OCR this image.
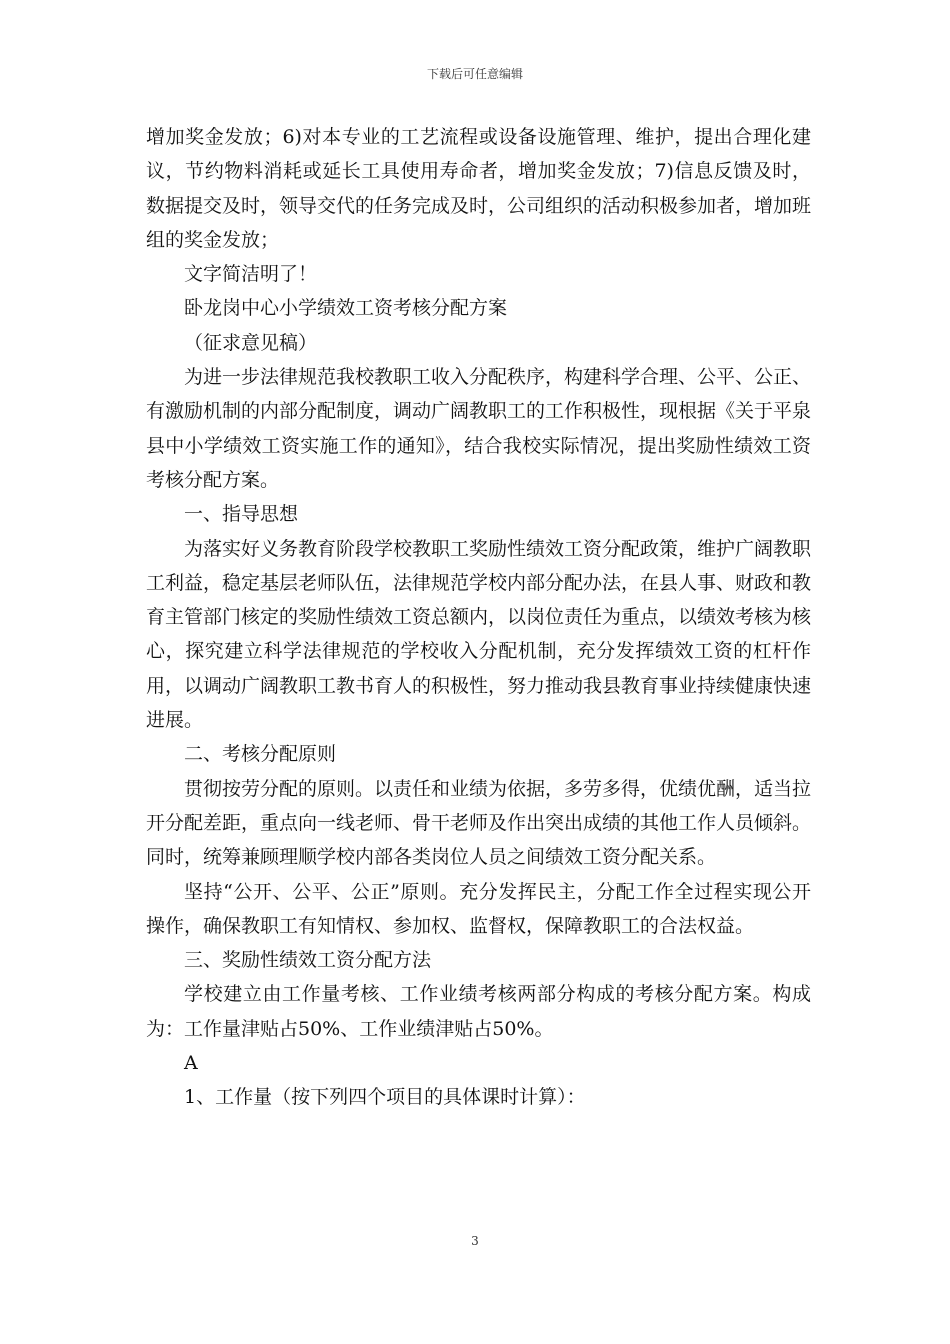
下载后可任意编辑

增加奖金发放；6)对本专业的工艺流程或设备设施管理、维护，提出合理化建议，节约物料消耗或延长工具使用寿命者，增加奖金发放；7)信息反馈及时，数据提交及时，领导交代的任务完成及时，公司组织的活动积极参加者，增加班组的奖金发放；

文字简洁明了！

卧龙岗中心小学绩效工资考核分配方案

（征求意见稿）

为进一步法律规范我校教职工收入分配秩序，构建科学合理、公平、公正、有激励机制的内部分配制度，调动广阔教职工的工作积极性，现根据《关于平泉县中小学绩效工资实施工作的通知》，结合我校实际情况，提出奖励性绩效工资考核分配方案。

一、指导思想

为落实好义务教育阶段学校教职工奖励性绩效工资分配政策，维护广阔教职工利益，稳定基层老师队伍，法律规范学校内部分配办法，在县人事、财政和教育主管部门核定的奖励性绩效工资总额内，以岗位责任为重点，以绩效考核为核心，探究建立科学法律规范的学校收入分配机制，充分发挥绩效工资的杠杆作用，以调动广阔教职工教书育人的积极性，努力推动我县教育事业持续健康快速进展。

二、考核分配原则

贯彻按劳分配的原则。以责任和业绩为依据，多劳多得，优绩优酬，适当拉开分配差距，重点向一线老师、骨干老师及作出突出成绩的其他工作人员倾斜。同时，统筹兼顾理顺学校内部各类岗位人员之间绩效工资分配关系。

坚持“公开、公平、公正”原则。充分发挥民主，分配工作全过程实现公开操作，确保教职工有知情权、参加权、监督权，保障教职工的合法权益。

三、奖励性绩效工资分配方法

学校建立由工作量考核、工作业绩考核两部分构成的考核分配方案。构成为：工作量津贴占50%、工作业绩津贴占50%。

A

1、工作量（按下列四个项目的具体课时计算）：

3
